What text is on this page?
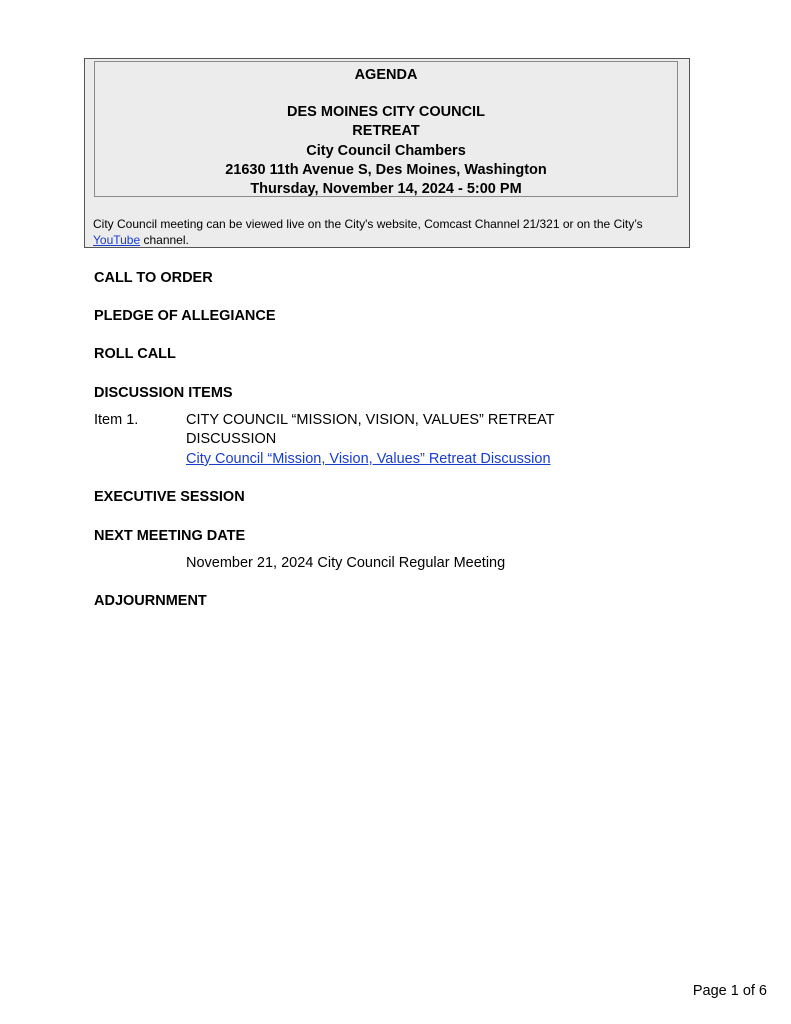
AGENDA
DES MOINES CITY COUNCIL
RETREAT
City Council Chambers
21630 11th Avenue S, Des Moines, Washington
Thursday, November 14, 2024 - 5:00 PM
City Council meeting can be viewed live on the City's website, Comcast Channel 21/321 or on the City’s YouTube channel.
CALL TO ORDER
PLEDGE OF ALLEGIANCE
ROLL CALL
DISCUSSION ITEMS
Item 1.	CITY COUNCIL “MISSION, VISION, VALUES” RETREAT DISCUSSION
City Council “Mission, Vision, Values” Retreat Discussion
EXECUTIVE SESSION
NEXT MEETING DATE
November 21, 2024 City Council Regular Meeting
ADJOURNMENT
Page 1 of 6
